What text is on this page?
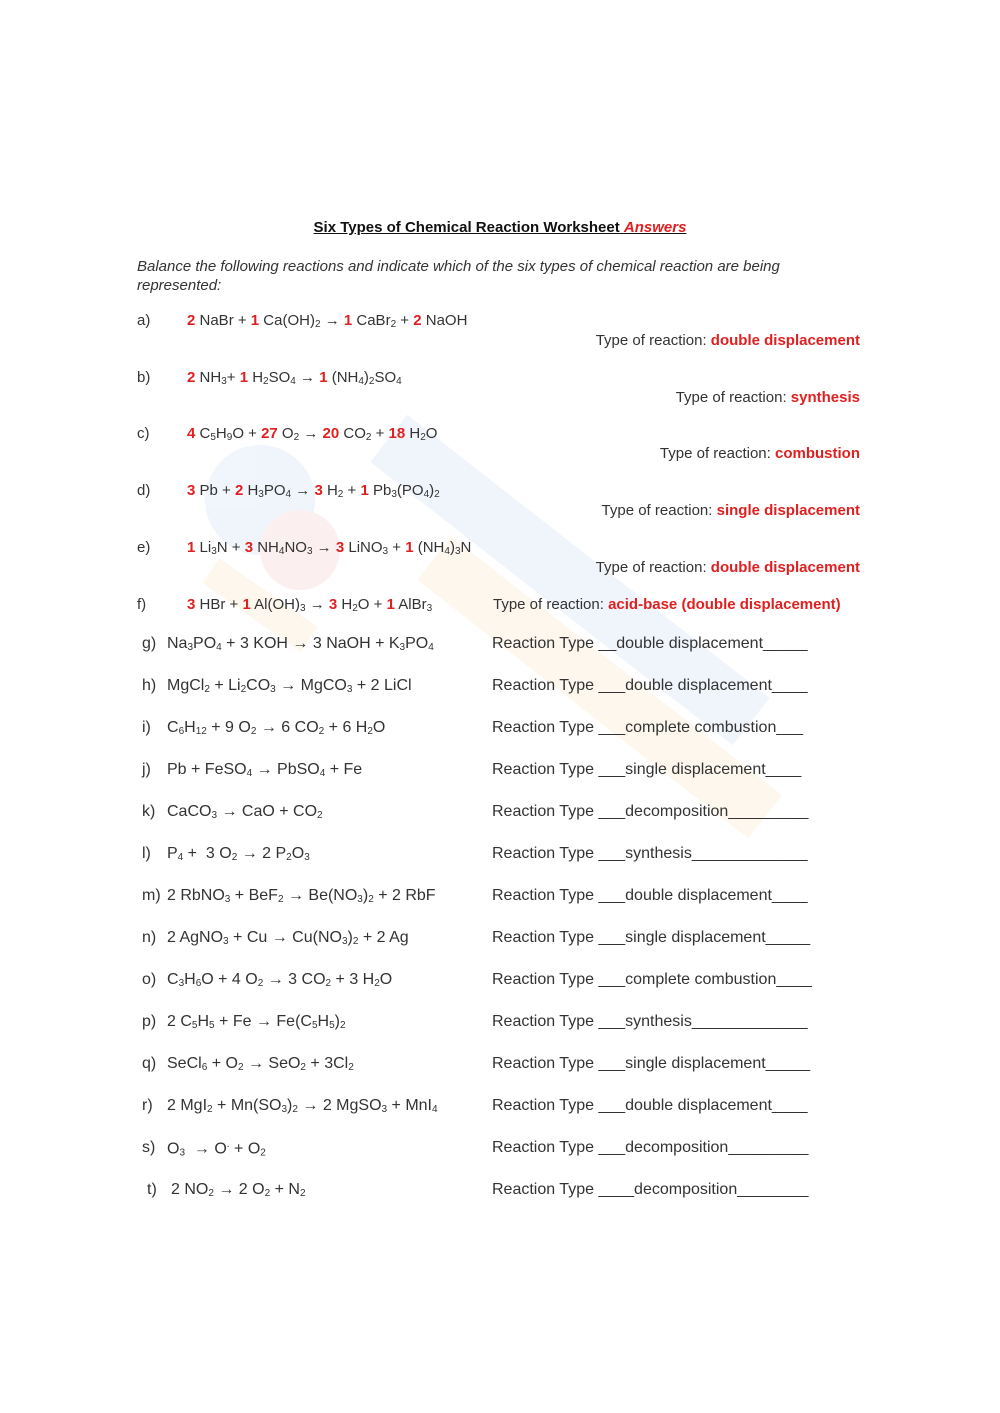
Six Types of Chemical Reaction Worksheet Answers
Balance the following reactions and indicate which of the six types of chemical reaction are being represented:
a) 2 NaBr + 1 $Ca(OH)_2 \to 1$ CaBr$_2$ + 2 NaOH
Type of reaction: double displacement
b) 2 $NH_3+ 1$ $H_2SO_4 \to 1$ $(NH_4)_2SO_4$
Type of reaction: synthesis
c)	4 $C_5H_9O + 27$ $O_2 \to 20$ $CO_2 + 18$ $H_2O$
Type of reaction: combustion
d) 3 Pb + 2 $H_3PO_4 \to 3$ $H_2 + 1$ $Pb_3(PO_4)_2$
Type of reaction: single displacement
e) 1 $Li_3N + 3$ $NH_4NO_3 \to 3$ LiNO$_3$ + 1 $(NH_4)_3N$
Type of reaction: double displacement
f)	3 HBr + 1 $Al(OH)_3 \to 3$ $H_2O + 1$ AlBr$_3$	Type of reaction: acid-base (double displacement)
g) $Na_3PO_4 + 3$ KOH → 3 NaOH + $K_3PO_4$	Reaction Type __double displacement_____
h) MgCl$_2$ + $Li_2CO_3$ → MgCO$_3$ + 2 LiCl	Reaction Type ___double displacement____
i) $C_6H_{12} + 9$ $O_2 \to 6$ $CO_2 + 6$ $H_2O$	Reaction Type ___complete combustion___
j) Pb + FeSO$_4$ → PbSO$_4$ + Fe	Reaction Type ___single displacement____
k) CaCO$_3$ → CaO + $CO_2$	Reaction Type ___decomposition_________
l) $P_4 + 3$ $O_2 \to 2$ $P_2O_3$	Reaction Type ___synthesis_____________
m) 2 RbNO$_3$ + $BeF_2 \to Be(NO_3)_2 + 2$ RbF	Reaction Type ___double displacement____
n) 2 AgNO$_3$ + $Cu \to Cu(NO_3)_2 + 2$ Ag	Reaction Type ___single displacement_____
o) $C_3H_6O + 4$ $O_2 \to 3$ $CO_2 + 3$ $H_2O$	Reaction Type ___complete combustion____
p) 2 $C_5H_5 + Fe \to Fe(C_5H_5)_2$	Reaction Type ___synthesis_____________
q) SeCl$_6$ + $O_2 \to SeO_2 + 3Cl_2$	Reaction Type ___single displacement_____
r) 2 $MgI_2 + Mn(SO_3)_2 \to 2$ MgSO$_3$ + MnI$_4$	Reaction Type ___double displacement____
s) $O_3 \to O^. + O_2$	Reaction Type ___decomposition_________
t) 2 $NO_2 \to 2$ $O_2 + N_2$	Reaction Type ____decomposition________
